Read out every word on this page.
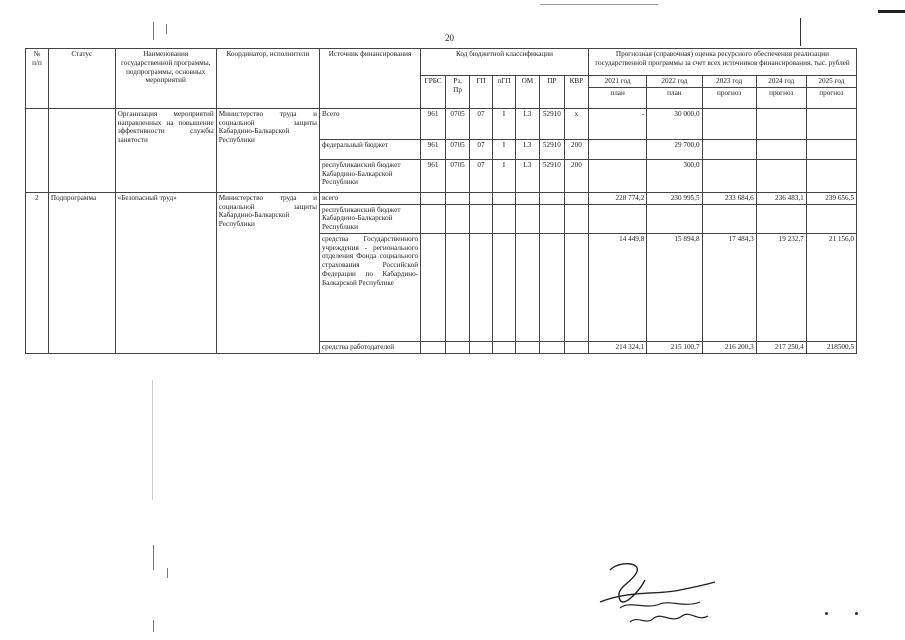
20
№
п/п	Статус	Наименования государственной программы, подпрограммы, основных мероприятий	Координатор, исполнители	Источник финансирования	Код бюджетной классификации							Прогнозная (справочная) оценка ресурсного обеспечения реализации государственной программы за счет всех источников финансирования, тыс. рублей				
					ГРБС	Рз, Пр	ГП	пГП	ОМ	ПР	КВР	2021 год	2022 год	2023 год	2024 год	2025 год
												план	план	прогноз	прогноз	прогноз
		Организация мероприятий направленных на повышение эффективности службы занятости	Министерство труда и социальной защиты Кабардино-Балкарской Республики	Всего	961	0705	07	I	L3	52910	х	-	30 000,0			
				федеральный бюджет	961	0705	07	I	L3	52910	200		29 700,0			
				республиканский бюджет Кабардино-Балкарской Республики	961	0705	07	I	L3	52910	200		300,0			
2	Подпрограмма	«Безопасный труд»	Министерство труда и социальной защиты Кабардино-Балкарской Республики	всего								228 774,2	230 995,5	233 684,6	236 483,1	239 656,5
				республиканский бюджет Кабардино-Балкарской Республики												
				средства Государственного учреждения - регионального отделения Фонда социального страхования Российской Федерации по Кабардино-Балкарской Республике								14 449,8	15 894,8	17 484,3	19 232,7	21 156,0
				средства работодателей								214 324,1	215 100,7	216 200,3	217 250,4	218500,5
